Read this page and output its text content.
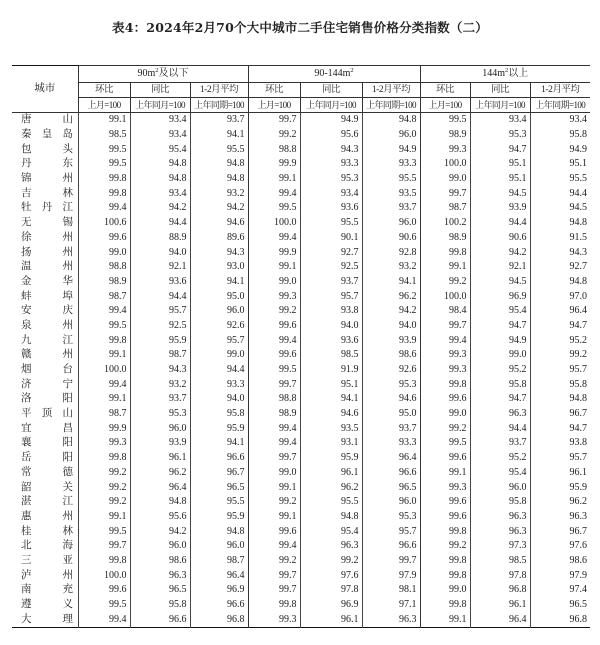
表4：2024年2月70个大中城市二手住宅销售价格分类指数（二）
城市	$90m^2$及以下			$90-144m^2$			$144m^2$以上		
	环比	同比	1-2月平均	环比	同比	1-2月平均	环比	同比	1-2月平均
	上月=100	上年同月=100	上年同期=100	上月=100	上年同月=100	上年同期=100	上月=100	上年同月=100	上年同期=100

唐 山	99.1	93.4	93.7	99.7	94.9	94.8	99.5	93.4	93.4

秦 皇 岛	98.5	93.4	94.1	99.2	95.6	96.0	98.9	95.3	95.8

包 头	99.5	95.4	95.5	98.8	94.3	94.9	99.3	94.7	94.9

丹 东	99.5	94.8	94.8	99.9	93.3	93.3	100.0	95.1	95.1

锦 州	99.8	94.8	94.8	99.1	95.3	95.5	99.0	95.1	95.5

吉 林	99.8	93.4	93.2	99.4	93.4	93.5	99.7	94.5	94.4

牡 丹 江	99.4	94.2	94.2	99.5	93.6	93.7	98.7	93.9	94.5

无 锡	100.6	94.4	94.6	100.0	95.5	96.0	100.2	94.4	94.8

徐 州	99.6	88.9	89.6	99.4	90.1	90.6	98.9	90.6	91.5

扬 州	99.0	94.0	94.3	99.9	92.7	92.8	99.8	94.2	94.3

温 州	98.8	92.1	93.0	99.1	92.5	93.2	99.1	92.1	92.7

金 华	98.9	93.6	94.1	99.0	93.7	94.1	99.2	94.5	94.8

蚌 埠	98.7	94.4	95.0	99.3	95.7	96.2	100.0	96.9	97.0

安 庆	99.4	95.7	96.0	99.2	93.8	94.2	98.4	95.4	96.4

泉 州	99.5	92.5	92.6	99.6	94.0	94.0	99.7	94.7	94.7

九 江	99.8	95.9	95.7	99.4	93.6	93.9	99.4	94.9	95.2

赣 州	99.1	98.7	99.0	99.6	98.5	98.6	99.3	99.0	99.2

烟 台	100.0	94.3	94.4	99.5	91.9	92.6	99.3	95.2	95.7

济 宁	99.4	93.2	93.3	99.7	95.1	95.3	99.8	95.8	95.8

洛 阳	99.1	93.7	94.0	98.8	94.1	94.6	99.6	94.7	94.8

平 顶 山	98.7	95.3	95.8	98.9	94.6	95.0	99.0	96.3	96.7

宜 昌	99.9	96.0	95.9	99.4	93.5	93.7	99.2	94.4	94.7

襄 阳	99.3	93.9	94.1	99.4	93.1	93.3	99.5	93.7	93.8

岳 阳	99.8	96.1	96.6	99.7	95.9	96.4	99.6	95.2	95.7

常 德	99.2	96.2	96.7	99.0	96.1	96.6	99.1	95.4	96.1

韶 关	99.2	96.4	96.5	99.1	96.2	96.5	99.3	96.0	95.9

湛 江	99.2	94.8	95.5	99.2	95.5	96.0	99.6	95.8	96.2

惠 州	99.1	95.6	95.9	99.1	94.8	95.3	99.6	96.3	96.3

桂 林	99.5	94.2	94.8	99.6	95.4	95.7	99.8	96.3	96.7

北 海	99.7	96.0	96.0	99.4	96.3	96.6	99.2	97.3	97.6

三 亚	99.8	98.6	98.7	99.2	99.2	99.7	99.8	98.5	98.6

泸 州	100.0	96.3	96.4	99.7	97.6	97.9	99.8	97.8	97.9

南 充	99.6	96.5	96.9	99.7	97.8	98.1	99.0	96.8	97.4

遵 义	99.5	95.8	96.6	99.8	96.9	97.1	99.8	96.1	96.5

大 理	99.4	96.6	96.8	99.3	96.1	96.3	99.1	96.4	96.8
